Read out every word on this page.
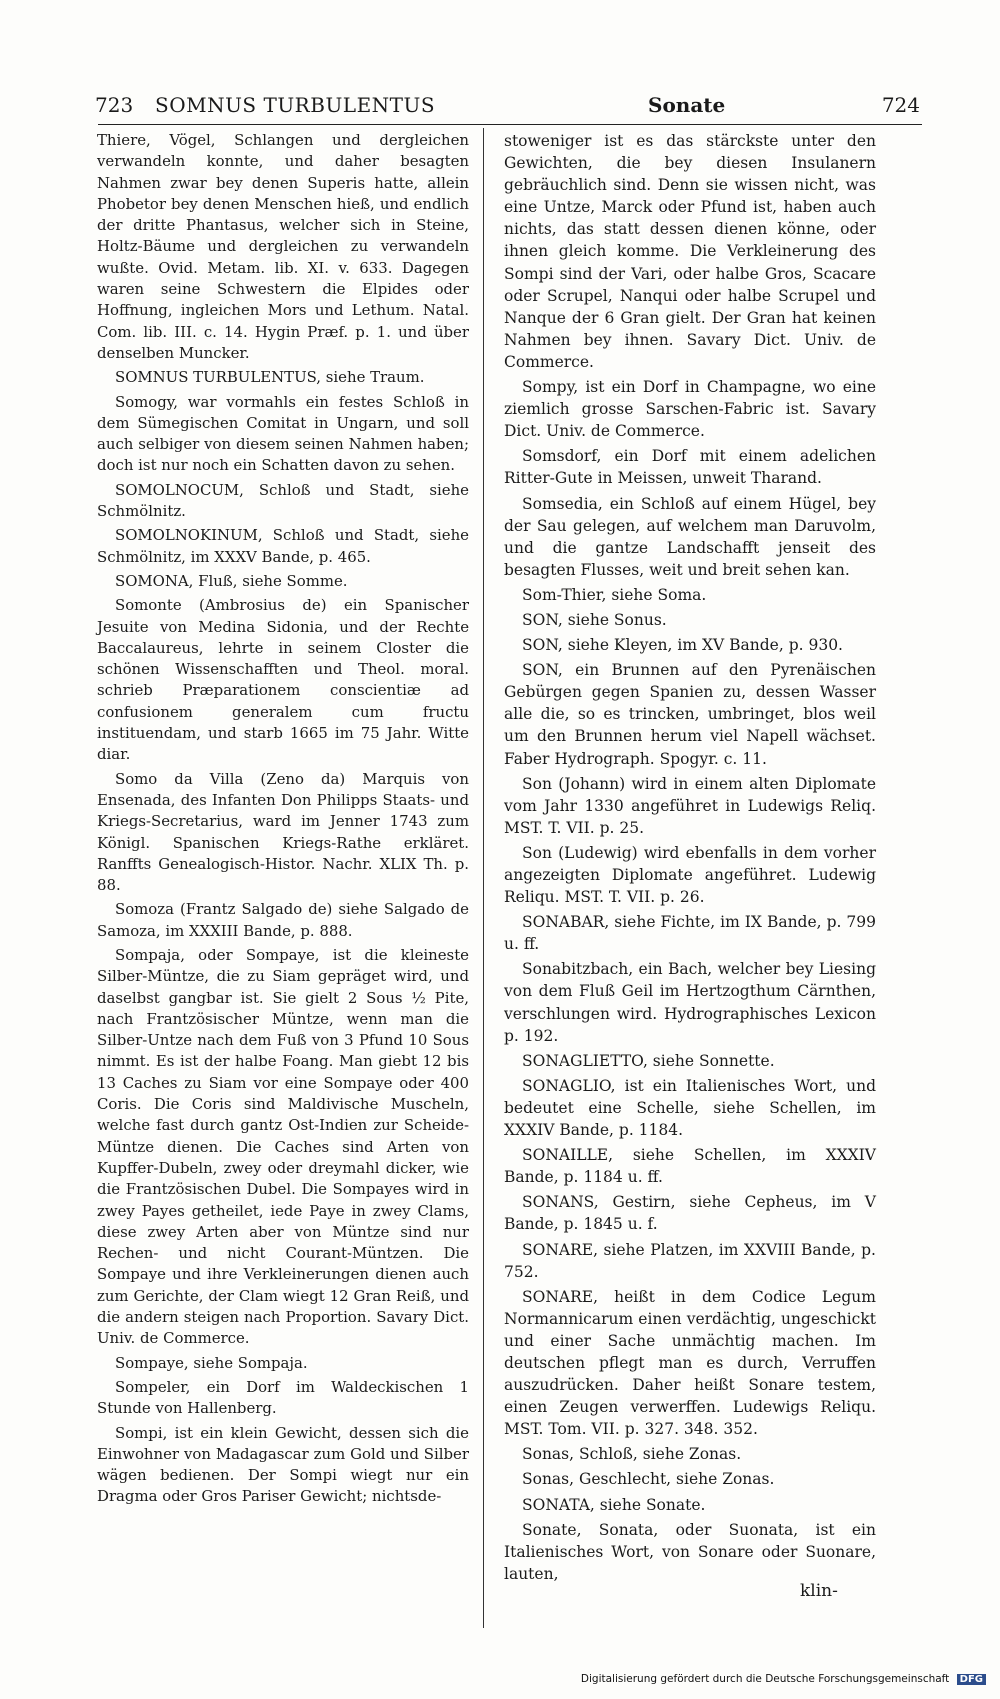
723 SOMNUS TURBULENTUS	Sonate	724

Thiere, Vögel, Schlangen und dergleichen verwandeln konnte, und daher besagten Nahmen zwar bey denen Superis hatte, allein Phobetor bey denen Menschen hieß, und endlich der dritte Phantasus, welcher sich in Steine, Holtz-Bäume und dergleichen zu verwandeln wußte. Ovid. Metam. lib. XI. v. 633. Dagegen waren seine Schwestern die Elpides oder Hoffnung, ingleichen Mors und Lethum. Natal. Com. lib. III. c. 14. Hygin Præf. p. 1. und über denselben Muncker.

SOMNUS TURBULENTUS, siehe Traum.

Somogy, war vormahls ein festes Schloß in dem Sümegischen Comitat in Ungarn, und soll auch selbiger von diesem seinen Nahmen haben; doch ist nur noch ein Schatten davon zu sehen.

SOMOLNOCUM, Schloß und Stadt, siehe Schmölnitz.

SOMOLNOKINUM, Schloß und Stadt, siehe Schmölnitz, im XXXV Bande, p. 465.

SOMONA, Fluß, siehe Somme.

Somonte (Ambrosius de) ein Spanischer Jesuite von Medina Sidonia, und der Rechte Baccalaureus, lehrte in seinem Closter die schönen Wissenschafften und Theol. moral. schrieb Præparationem conscientiæ ad confusionem generalem cum fructu instituendam, und starb 1665 im 75 Jahr. Witte diar.

Somo da Villa (Zeno da) Marquis von Ensenada, des Infanten Don Philipps Staats- und Kriegs-Secretarius, ward im Jenner 1743 zum Königl. Spanischen Kriegs-Rathe erkläret. Ranffts Genealogisch-Histor. Nachr. XLIX Th. p. 88.

Somoza (Frantz Salgado de) siehe Salgado de Samoza, im XXXIII Bande, p. 888.

Sompaja, oder Sompaye, ist die kleineste Silber-Müntze, die zu Siam gepräget wird, und daselbst gangbar ist. Sie gielt 2 Sous ½ Pite, nach Frantzösischer Müntze, wenn man die Silber-Untze nach dem Fuß von 3 Pfund 10 Sous nimmt. Es ist der halbe Foang. Man giebt 12 bis 13 Caches zu Siam vor eine Sompaye oder 400 Coris. Die Coris sind Maldivische Muscheln, welche fast durch gantz Ost-Indien zur Scheide-Müntze dienen. Die Caches sind Arten von Kupffer-Dubeln, zwey oder dreymahl dicker, wie die Frantzösischen Dubel. Die Sompayes wird in zwey Payes getheilet, iede Paye in zwey Clams, diese zwey Arten aber von Müntze sind nur Rechen- und nicht Courant-Müntzen. Die Sompaye und ihre Verkleinerungen dienen auch zum Gerichte, der Clam wiegt 12 Gran Reiß, und die andern steigen nach Proportion. Savary Dict. Univ. de Commerce.

Sompaye, siehe Sompaja.

Sompeler, ein Dorf im Waldeckischen 1 Stunde von Hallenberg.

Sompi, ist ein klein Gewicht, dessen sich die Einwohner von Madagascar zum Gold und Silber wägen bedienen. Der Sompi wiegt nur ein Dragma oder Gros Pariser Gewicht; nichtsde-

stoweniger ist es das stärckste unter den Gewichten, die bey diesen Insulanern gebräuchlich sind. Denn sie wissen nicht, was eine Untze, Marck oder Pfund ist, haben auch nichts, das statt dessen dienen könne, oder ihnen gleich komme. Die Verkleinerung des Sompi sind der Vari, oder halbe Gros, Scacare oder Scrupel, Nanqui oder halbe Scrupel und Nanque der 6 Gran gielt. Der Gran hat keinen Nahmen bey ihnen. Savary Dict. Univ. de Commerce.

Sompy, ist ein Dorf in Champagne, wo eine ziemlich grosse Sarschen-Fabric ist. Savary Dict. Univ. de Commerce.

Somsdorf, ein Dorf mit einem adelichen Ritter-Gute in Meissen, unweit Tharand.

Somsedia, ein Schloß auf einem Hügel, bey der Sau gelegen, auf welchem man Daruvolm, und die gantze Landschafft jenseit des besagten Flusses, weit und breit sehen kan.

Som-Thier, siehe Soma.

SON, siehe Sonus.

SON, siehe Kleyen, im XV Bande, p. 930.

SON, ein Brunnen auf den Pyrenäischen Gebürgen gegen Spanien zu, dessen Wasser alle die, so es trincken, umbringet, blos weil um den Brunnen herum viel Napell wächset. Faber Hydrograph. Spogyr. c. 11.

Son (Johann) wird in einem alten Diplomate vom Jahr 1330 angeführet in Ludewigs Reliq. MST. T. VII. p. 25.

Son (Ludewig) wird ebenfalls in dem vorher angezeigten Diplomate angeführet. Ludewig Reliqu. MST. T. VII. p. 26.

SONABAR, siehe Fichte, im IX Bande, p. 799 u. ff.

Sonabitzbach, ein Bach, welcher bey Liesing von dem Fluß Geil im Hertzogthum Cärnthen, verschlungen wird. Hydrographisches Lexicon p. 192.

SONAGLIETTO, siehe Sonnette.

SONAGLIO, ist ein Italienisches Wort, und bedeutet eine Schelle, siehe Schellen, im XXXIV Bande, p. 1184.

SONAILLE, siehe Schellen, im XXXIV Bande, p. 1184 u. ff.

SONANS, Gestirn, siehe Cepheus, im V Bande, p. 1845 u. f.

SONARE, siehe Platzen, im XXVIII Bande, p. 752.

SONARE, heißt in dem Codice Legum Normannicarum einen verdächtig, ungeschickt und einer Sache unmächtig machen. Im deutschen pflegt man es durch, Verruffen auszudrücken. Daher heißt Sonare testem, einen Zeugen verwerffen. Ludewigs Reliqu. MST. Tom. VII. p. 327. 348. 352.

Sonas, Schloß, siehe Zonas.

Sonas, Geschlecht, siehe Zonas.

SONATA, siehe Sonate.

Sonate, Sonata, oder Suonata, ist ein Italienisches Wort, von Sonare oder Suonare, lauten,

klin-
Digitalisierung gefördert durch die Deutsche Forschungsgemeinschaft DFG
